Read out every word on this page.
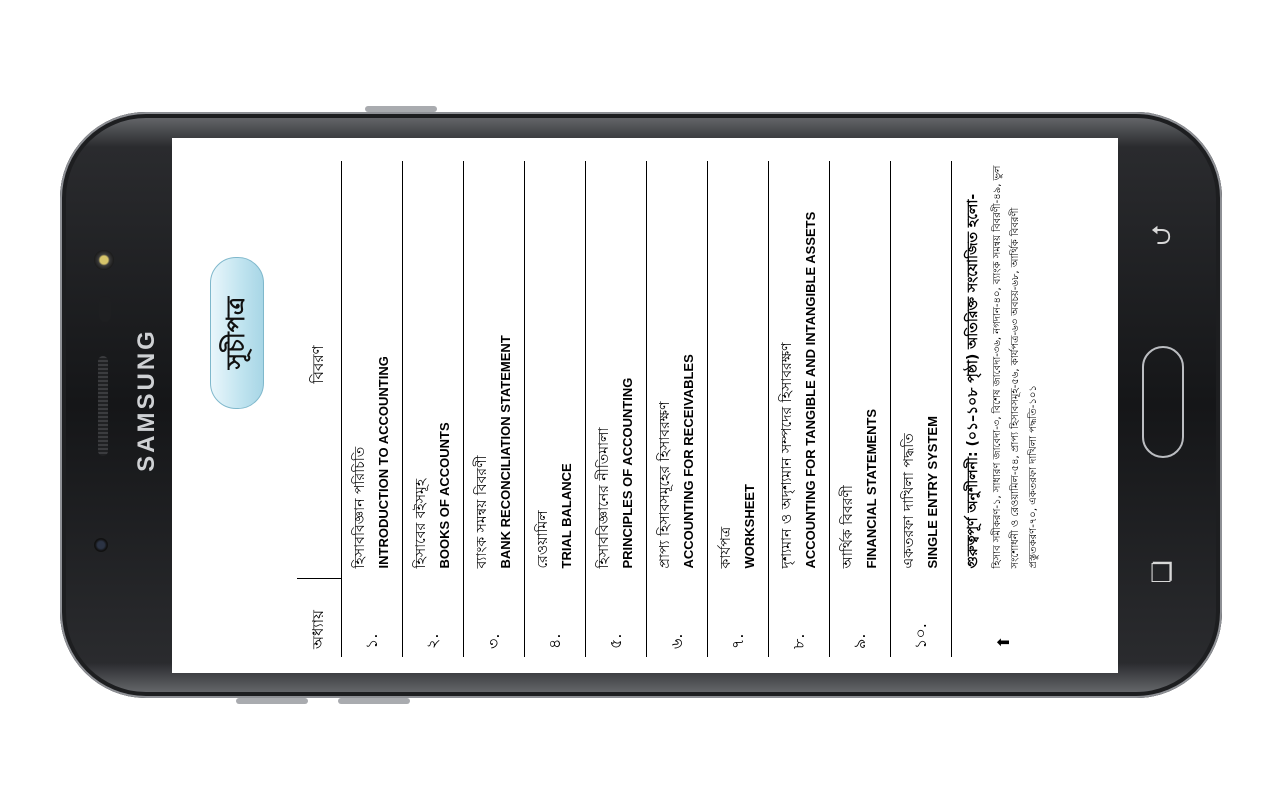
SAMSUNG	সূচীপত্র
অধ্যায়	বিবরণ
১.	হিসাববিজ্ঞান পরিচিতি INTRODUCTION TO ACCOUNTING

২.	হিসাবের বইসমূহ BOOKS OF ACCOUNTS

৩.	ব্যাংক সমন্বয় বিবরণী BANK RECONCILIATION STATEMENT

৪.	রেওয়ামিল TRIAL BALANCE

৫.	হিসাববিজ্ঞানের নীতিমালা PRINCIPLES OF ACCOUNTING

৬.	প্রাপ্য হিসাবসমূহের হিসাবরক্ষণ ACCOUNTING FOR RECEIVABLES

৭.	কার্যপত্র WORKSHEET

৮.	দৃশ্যমান ও অদৃশ্যমান সম্পদের হিসাবরক্ষণ ACCOUNTING FOR TANGIBLE AND INTANGIBLE ASSETS

৯.	আর্থিক বিবরণী FINANCIAL STATEMENTS

১০.	একতরফা দাখিলা পদ্ধতি SINGLE ENTRY SYSTEM

⬆	গুরুত্বপূর্ণ অনুশীলনী: (০১–১০৮ পৃষ্ঠা) অতিরিক্ত সংযোজিত হলো- হিসাব সমীকরণ-১, সাধারণ জাবেদা-৩, বিশেষ জাবেদা-৩৬, নগদান-৪০, ব্যাংক সমন্বয় বিবরণী-৪৯, ভুল সংশোধনী ও রেওয়ামিল-৫৪, প্রাপ্য হিসাবসমূহ-৫৬, কার্যপত্র-৬৩ অবচয়-৬৮, আর্থিক বিবরণী প্রস্তুতকরণ-৭০, একতরফা দাখিলা পদ্ধতি-১০১
⮌
❐
